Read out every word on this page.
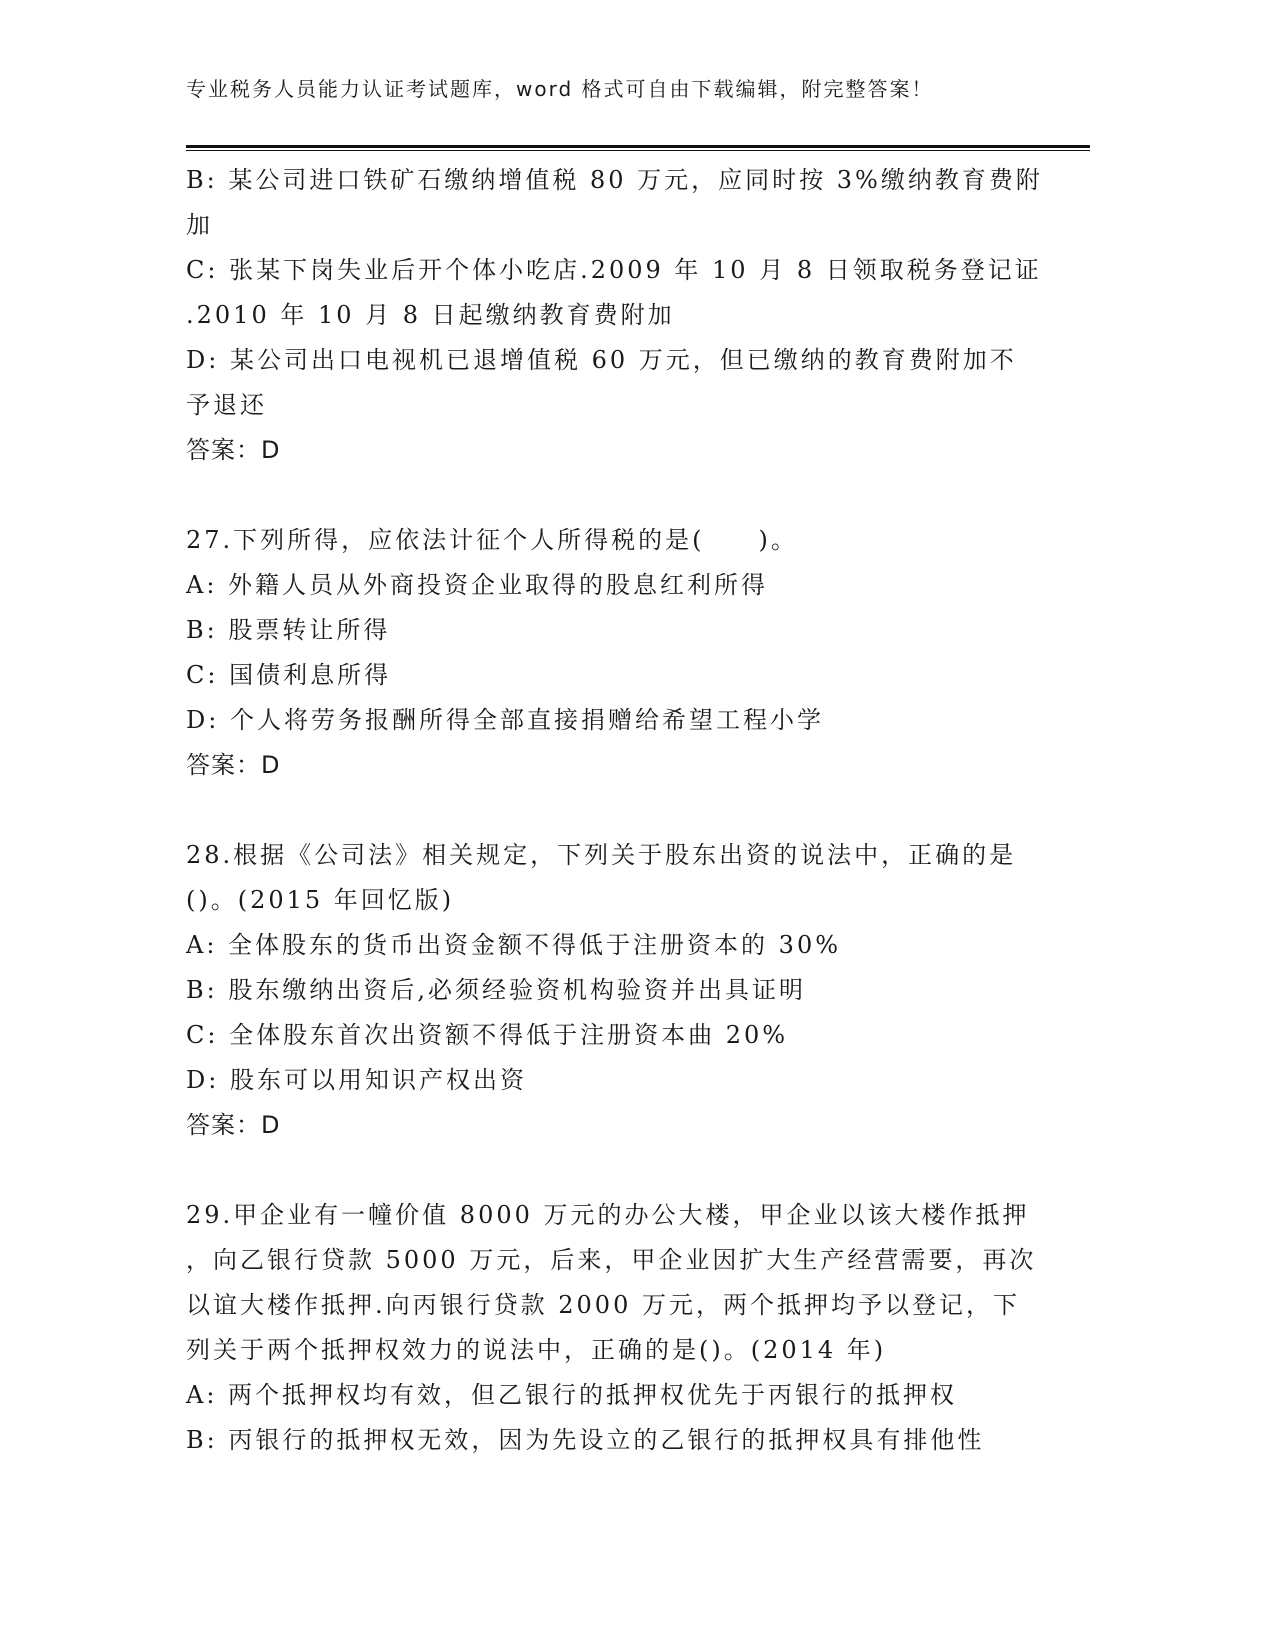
专业税务人员能力认证考试题库，word 格式可自由下载编辑，附完整答案！
B: 某公司进口铁矿石缴纳增值税 80 万元，应同时按 3%缴纳教育费附
加
C: 张某下岗失业后开个体小吃店.2009 年 10 月 8 日领取税务登记证
.2010 年 10 月 8 日起缴纳教育费附加
D: 某公司出口电视机已退增值税 60 万元，但已缴纳的教育费附加不
予退还
答案：D
27.下列所得，应依法计征个人所得税的是(　　)。
A: 外籍人员从外商投资企业取得的股息红利所得
B: 股票转让所得
C: 国债利息所得
D: 个人将劳务报酬所得全部直接捐赠给希望工程小学
答案：D
28.根据《公司法》相关规定，下列关于股东出资的说法中，正确的是
()。(2015 年回忆版)
A: 全体股东的货币出资金额不得低于注册资本的 30%
B: 股东缴纳出资后,必须经验资机构验资并出具证明
C: 全体股东首次出资额不得低于注册资本曲 20%
D: 股东可以用知识产权出资
答案：D
29.甲企业有一幢价值 8000 万元的办公大楼，甲企业以该大楼作抵押
，向乙银行贷款 5000 万元，后来，甲企业因扩大生产经营需要，再次
以谊大楼作抵押.向丙银行贷款 2000 万元，两个抵押均予以登记，下
列关于两个抵押权效力的说法中，正确的是()。(2014 年)
A: 两个抵押权均有效，但乙银行的抵押权优先于丙银行的抵押权
B: 丙银行的抵押权无效，因为先设立的乙银行的抵押权具有排他性
